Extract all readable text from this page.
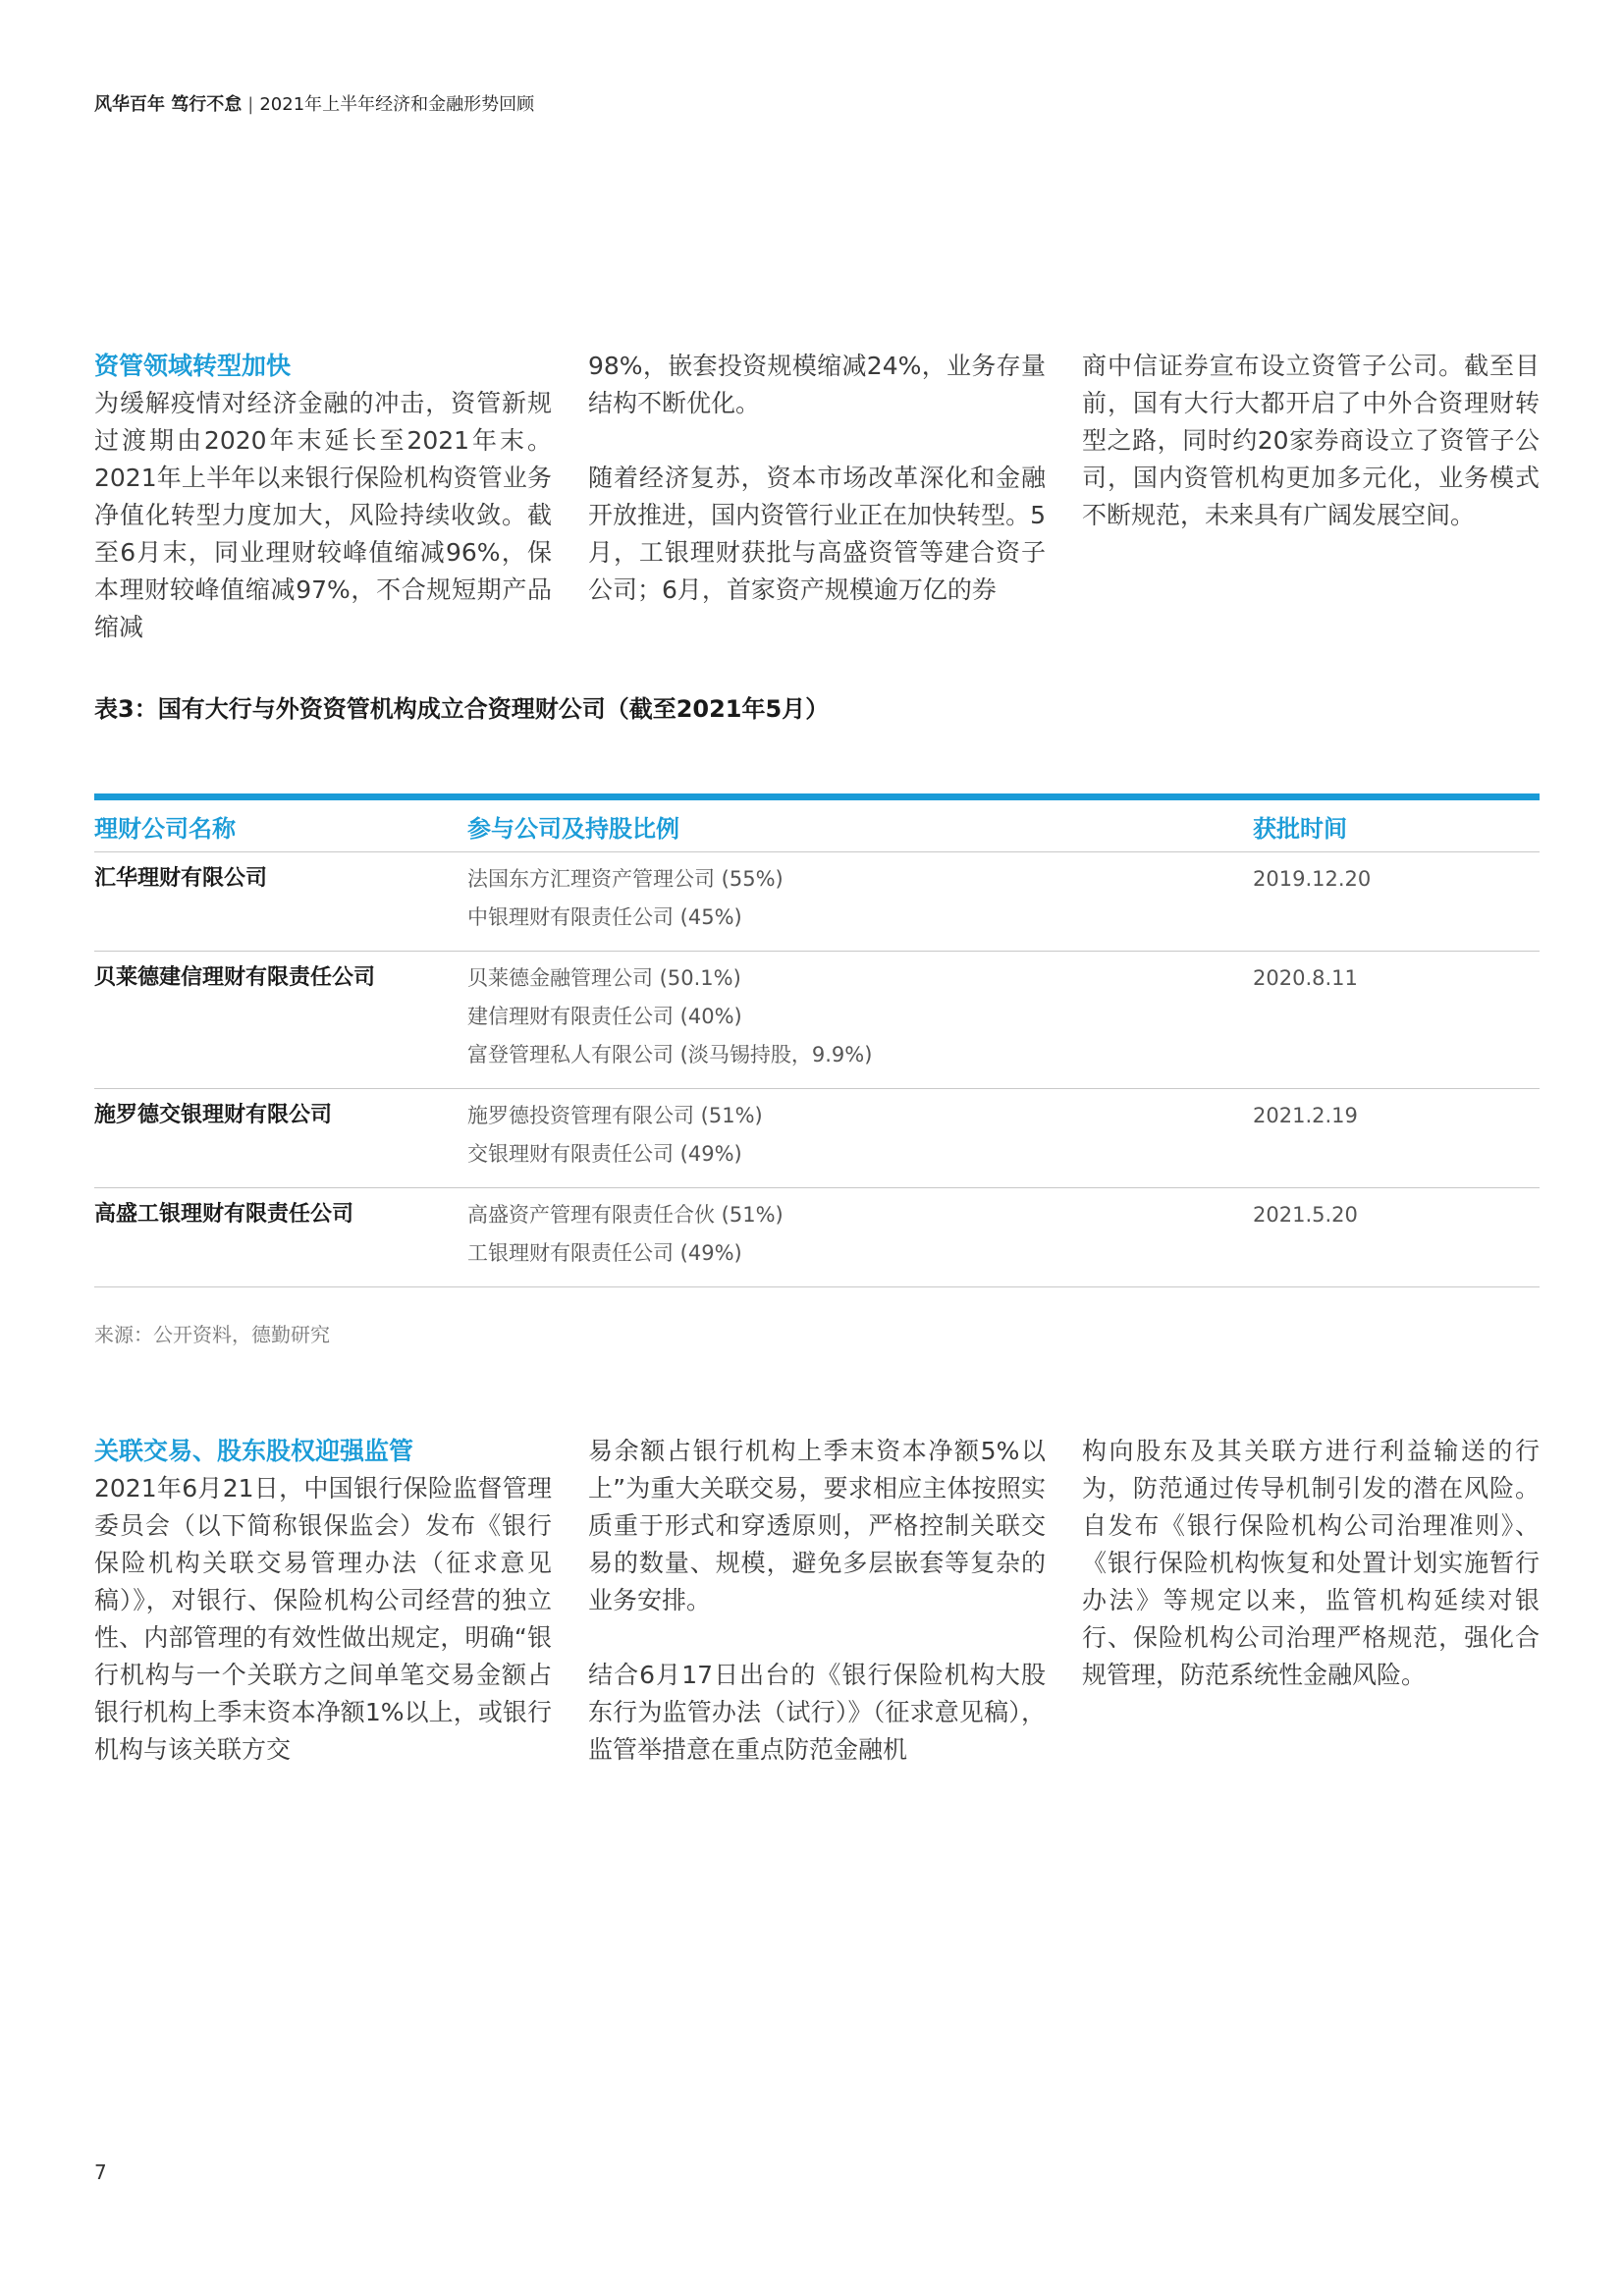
风华百年 笃行不怠 | 2021年上半年经济和金融形势回顾
资管领域转型加快

为缓解疫情对经济金融的冲击，资管新规过渡期由2020年末延长至2021年末。2021年上半年以来银行保险机构资管业务净值化转型力度加大，风险持续收敛。截至6月末，同业理财较峰值缩减96%，保本理财较峰值缩减97%，不合规短期产品缩减

98%，嵌套投资规模缩减24%，业务存量结构不断优化。

随着经济复苏，资本市场改革深化和金融开放推进，国内资管行业正在加快转型。5月，工银理财获批与高盛资管等建合资子公司；6月，首家资产规模逾万亿的券

商中信证券宣布设立资管子公司。截至目前，国有大行大都开启了中外合资理财转型之路，同时约20家券商设立了资管子公司，国内资管机构更加多元化，业务模式不断规范，未来具有广阔发展空间。

表3：国有大行与外资资管机构成立合资理财公司（截至2021年5月）
理财公司名称	参与公司及持股比例	获批时间

汇华理财有限公司	法国东方汇理资产管理公司 (55%)
中银理财有限责任公司 (45%)	2019.12.20

贝莱德建信理财有限责任公司	贝莱德金融管理公司 (50.1%)
建信理财有限责任公司 (40%)
富登管理私人有限公司 (淡马锡持股，9.9%)	2020.8.11

施罗德交银理财有限公司	施罗德投资管理有限公司 (51%)
交银理财有限责任公司 (49%)	2021.2.19

高盛工银理财有限责任公司	高盛资产管理有限责任合伙 (51%)
工银理财有限责任公司 (49%)	2021.5.20
来源：公开资料，德勤研究
关联交易、股东股权迎强监管

2021年6月21日，中国银行保险监督管理委员会（以下简称银保监会）发布《银行保险机构关联交易管理办法（征求意见稿）》，对银行、保险机构公司经营的独立性、内部管理的有效性做出规定，明确“银行机构与一个关联方之间单笔交易金额占银行机构上季末资本净额1%以上，或银行机构与该关联方交

易余额占银行机构上季末资本净额5%以上”为重大关联交易，要求相应主体按照实质重于形式和穿透原则，严格控制关联交易的数量、规模，避免多层嵌套等复杂的业务安排。

结合6月17日出台的《银行保险机构大股东行为监管办法（试行）》（征求意见稿），监管举措意在重点防范金融机

构向股东及其关联方进行利益输送的行为，防范通过传导机制引发的潜在风险。自发布《银行保险机构公司治理准则》、《银行保险机构恢复和处置计划实施暂行办法》等规定以来，监管机构延续对银行、保险机构公司治理严格规范，强化合规管理，防范系统性金融风险。

7
